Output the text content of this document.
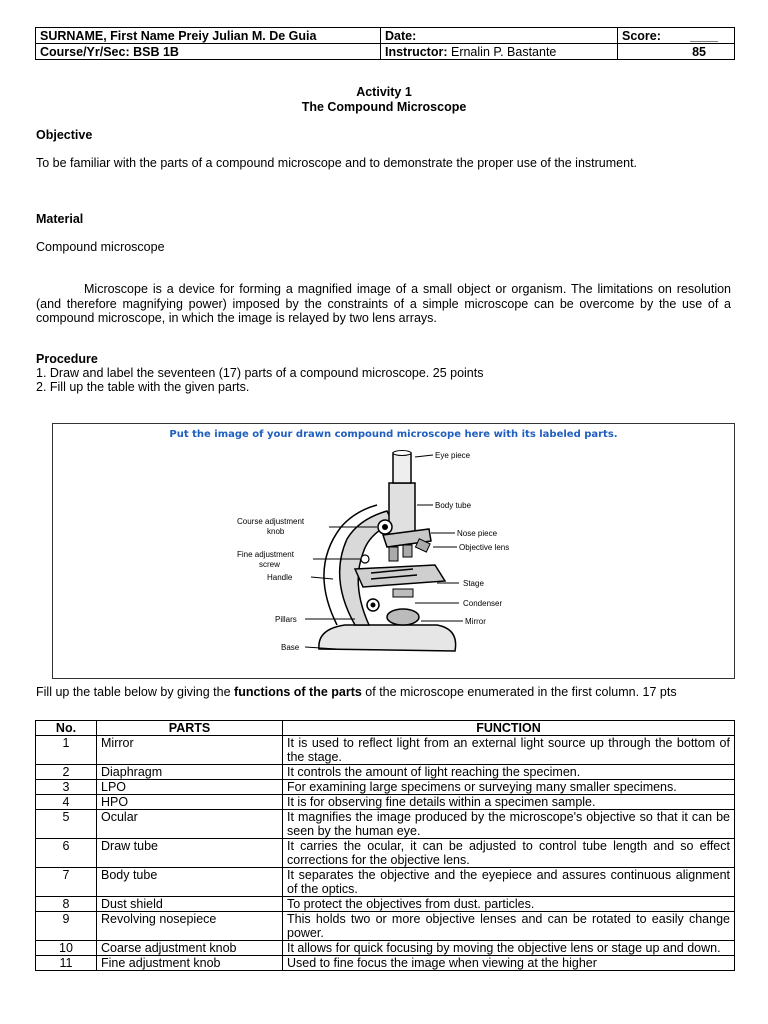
SURNAME, First Name Preiy Julian M. De Guia	Date:	Score: ____

Course/Yr/Sec: BSB 1B	Instructor: Ernalin P. Bastante	85
Activity 1
The Compound Microscope
Objective
To be familiar with the parts of a compound microscope and to demonstrate the proper use of the instrument.
Material
Compound microscope
Microscope is a device for forming a magnified image of a small object or organism. The limitations on resolution (and therefore magnifying power) imposed by the constraints of a simple microscope can be overcome by the use of a compound microscope, in which the image is relayed by two lens arrays.
Procedure
1. Draw and label the seventeen (17) parts of a compound microscope. 25 points
2. Fill up the table with the given parts.
Put the image of your drawn compound microscope here with its labeled parts.
Eye piece
Body tube
Course adjustment
knob	Nose piece
Objective lens
Fine adjustment
screw
Handle
Stage
Condenser
Pillars	Mirror
Base
Fill up the table below by giving the functions of the parts of the microscope enumerated in the first column. 17 pts
No.	PARTS	FUNCTION
1	Mirror	It is used to reflect light from an external light source up through the bottom of the stage.
2	Diaphragm	It controls the amount of light reaching the specimen.
3	LPO	For examining large specimens or surveying many smaller specimens.
4	HPO	It is for observing fine details within a specimen sample.
5	Ocular	It magnifies the image produced by the microscope's objective so that it can be seen by the human eye.
6	Draw tube	It carries the ocular, it can be adjusted to control tube length and so effect corrections for the objective lens.
7	Body tube	It separates the objective and the eyepiece and assures continuous alignment of the optics.
8	Dust shield	To protect the objectives from dust. particles.
9	Revolving nosepiece	This holds two or more objective lenses and can be rotated to easily change power.
10	Coarse adjustment knob	It allows for quick focusing by moving the objective lens or stage up and down.
11	Fine adjustment knob	Used to fine focus the image when viewing at the higher
